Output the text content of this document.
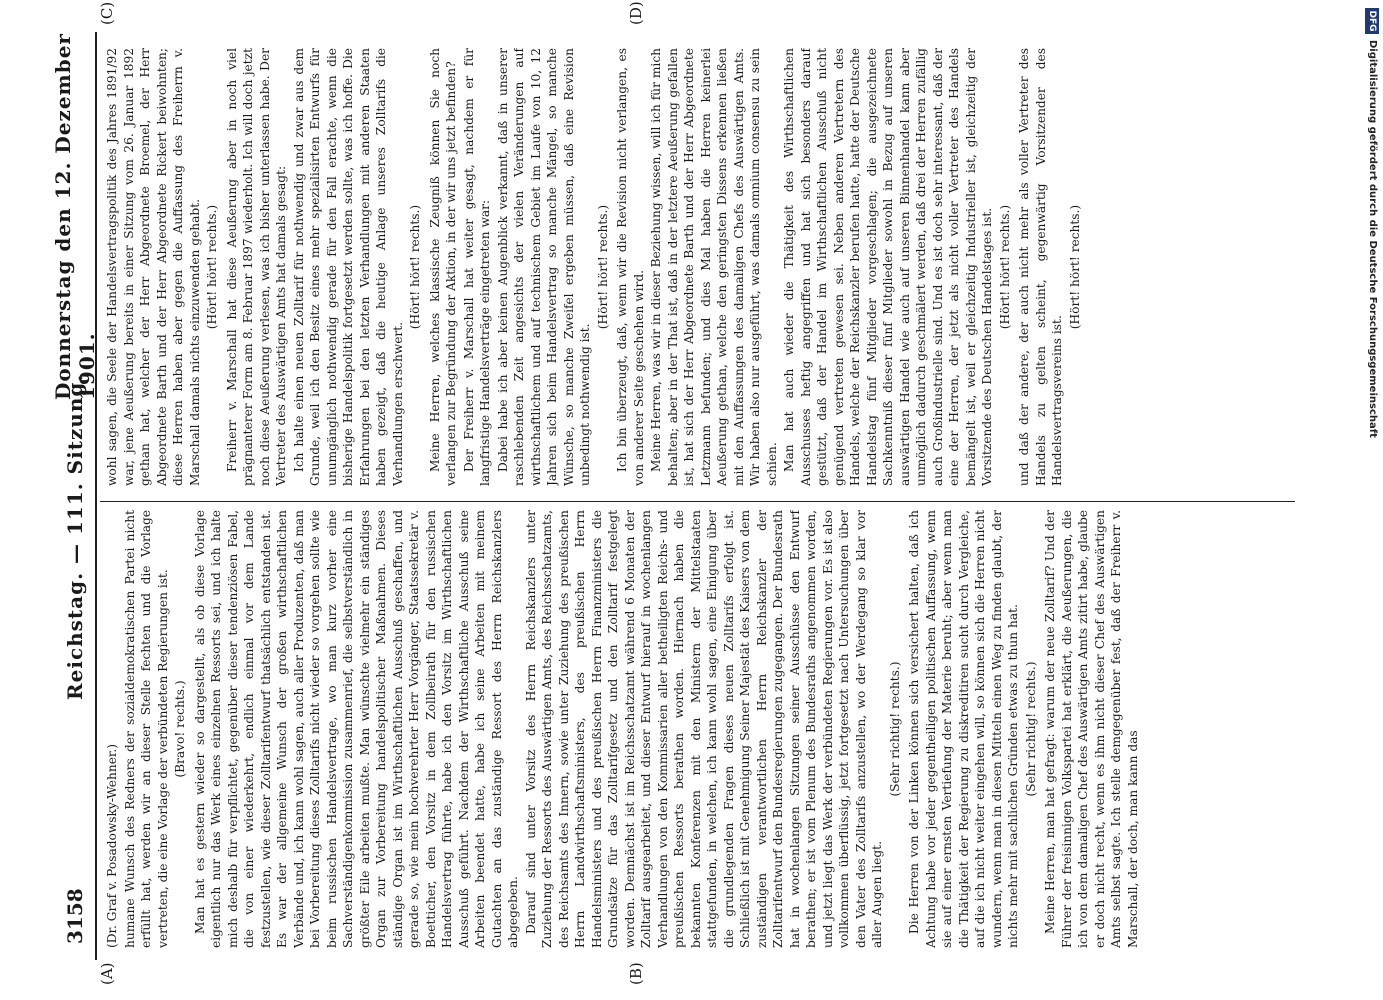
3158
Reichstag. — 111. Sitzung.
Donnerstag den 12. Dezember 1901.
(A)	(B)
(C)	(D)

(Dr. Graf v. Posadowsky-Wehner.) humane Wunsch des Redners der sozialdemokratischen Partei nicht erfüllt hat, werden wir an dieser Stelle fechten und die Vorlage vertreten, die eine Vorlage der verbündeten Regierungen ist. (Bravo! rechts.) Man hat es gestern wieder so dargestellt, als ob diese Vorlage eigentlich nur das Werk eines einzelnen Ressorts sei, und ich halte mich deshalb für verpflichtet, gegenüber dieser tendenziösen Fabel, die von einer wiederkehrt, endlich einmal vor dem Lande festzustellen, wie dieser Zolltarifentwurf thatsächlich entstanden ist. Es war der allgemeine Wunsch der großen wirthschaftlichen Verbände und, ich kann wohl sagen, auch aller Produzenten, daß man bei Vorbereitung dieses Zolltarifs nicht wieder so vorgehen sollte wie beim russischen Handelsvertrage, wo man kurz vorher eine Sachverständigenkommission zusammenrief, die selbstverständlich in größter Eile arbeiten mußte. Man wünschte vielmehr ein ständiges Organ zur Vorbereitung handelspolitischer Maßnahmen. Dieses ständige Organ ist im Wirthschaftlichen Ausschuß geschaffen, und gerade so, wie mein hochverehrter Herr Vorgänger, Staatssekretär v. Boetticher, den Vorsitz in dem Zollbeirath für den russischen Handelsvertrag führte, habe ich den Vorsitz im Wirthschaftlichen Ausschuß geführt. Nachdem der Wirthschaftliche Ausschuß seine Arbeiten beendet hatte, habe ich seine Arbeiten mit meinem Gutachten an das zuständige Ressort des Herrn Reichskanzlers abgegeben. Darauf sind unter Vorsitz des Herrn Reichskanzlers unter Zuziehung der Ressorts des Auswärtigen Amts, des Reichsschatzamts, des Reichsamts des Innern, sowie unter Zuziehung des preußischen Herrn Landwirthschaftsministers, des preußischen Herrn Handelsministers und des preußischen Herrn Finanzministers die Grundsätze für das Zolltarifgesetz und den Zolltarif festgelegt worden. Demnächst ist im Reichsschatzamt während 6 Monaten der Zolltarif ausgearbeitet, und dieser Entwurf hierauf in wochenlangen Verhandlungen von den Kommissarien aller betheiligten Reichs- und preußischen Ressorts berathen worden. Hiernach haben die bekannten Konferenzen mit den Ministern der Mittelstaaten stattgefunden, in welchen, ich kann wohl sagen, eine Einigung über die grundlegenden Fragen dieses neuen Zolltarifs erfolgt ist. Schließlich ist mit Genehmigung Seiner Majestät des Kaisers von dem zuständigen verantwortlichen Herrn Reichskanzler der Zolltarifentwurf den Bundesregierungen zugegangen. Der Bundesrath hat in wochenlangen Sitzungen seiner Ausschüsse den Entwurf berathen; er ist vom Plenum des Bundesraths angenommen worden, und jetzt liegt das Werk der verbündeten Regierungen vor. Es ist also vollkommen überflüssig, jetzt fortgesetzt nach Untersuchungen über den Vater des Zolltarifs anzustellen, wo der Werdegang so klar vor aller Augen liegt.

(Sehr richtig! rechts.) Die Herren von der Linken können sich versichert halten, daß ich Achtung habe vor jeder gegentheiligen politischen Auffassung, wenn sie auf einer ernsten Vertiefung der Materie beruht; aber wenn man die Thätigkeit der Regierung zu diskreditiren sucht durch Vergleiche, auf die ich nicht weiter eingehen will, so können sich die Herren nicht wundern, wenn man in diesen Mitteln einen Weg zu finden glaubt, der nichts mehr mit sachlichen Gründen etwas zu thun hat. (Sehr richtig! rechts.) Meine Herren, man hat gefragt: warum der neue Zolltarif? Und der Führer der freisinnigen Volkspartei hat erklärt, die Aeußerungen, die ich von dem damaligen Chef des Auswärtigen Amts zitirt habe, glaube er doch nicht recht, wenn es ihm nicht dieser Chef des Auswärtigen Amts selbst sagte. Ich stelle demgegenüber fest, daß der Freiherr v. Marschall, der doch, man kann das

wohl sagen, die Seele der Handelsvertragspolitik des Jahres 1891/92 war, jene Aeußerung bereits in einer Sitzung vom 26. Januar 1892 gethan hat, welcher der Herr Abgeordnete Broemel, der Herr Abgeordnete Barth und der Herr Abgeordnete Rickert beiwohnten; diese Herren haben aber gegen die Auffassung des Freiherrn v. Marschall damals nichts einzuwenden gehabt. (Hört! hört! rechts.) Freiherr v. Marschall hat diese Aeußerung aber in noch viel prägnanterer Form am 8. Februar 1897 wiederholt. Ich will doch jetzt noch diese Aeußerung verlesen, was ich bisher unterlassen habe. Der Vertreter des Auswärtigen Amts hat damals gesagt: Ich halte einen neuen Zolltarif für nothwendig und zwar aus dem Grunde, weil ich den Besitz eines mehr spezialisirten Entwurfs für unumgänglich nothwendig gerade für den Fall erachte, wenn die bisherige Handelspolitik fortgesetzt werden sollte, was ich hoffe. Die Erfahrungen bei den letzten Verhandlungen mit anderen Staaten haben gezeigt, daß die heutige Anlage unseres Zolltarifs die Verhandlungen erschwert.

(Hört! hört! rechts.) Meine Herren, welches klassische Zeugniß können Sie noch verlangen zur Begründung der Aktion, in der wir uns jetzt befinden? Der Freiherr v. Marschall hat weiter gesagt, nachdem er für langfristige Handelsverträge eingetreten war: Dabei habe ich aber keinen Augenblick verkannt, daß in unserer raschlebenden Zeit angesichts der vielen Veränderungen auf wirthschaftlichem und auf technischem Gebiet im Laufe von 10, 12 Jahren sich beim Handelsvertrag so manche Mängel, so manche Wünsche, so manche Zweifel ergeben müssen, daß eine Revision unbedingt nothwendig ist.

(Hört! hört! rechts.) Ich bin überzeugt, daß, wenn wir die Revision nicht verlangen, es von anderer Seite geschehen wird. Meine Herren, was wir in dieser Beziehung wissen, will ich für mich behalten; aber in der That ist, daß in der letztere Aeußerung gefallen ist, hat sich der Herr Abgeordnete Barth und der Herr Abgeordnete Letzmann befunden; und dies Mal haben die Herren keinerlei Aeußerung gethan, welche den geringsten Dissens erkennen ließen mit den Auffassungen des damaligen Chefs des Auswärtigen Amts. Wir haben also nur ausgeführt, was damals omnium consensu zu sein schien. Man hat auch wieder die Thätigkeit des Wirthschaftlichen Ausschusses heftig angegriffen und hat sich besonders darauf gestützt, daß der Handel im Wirthschaftlichen Ausschuß nicht genügend vertreten gewesen sei. Neben anderen Vertretern des Handels, welche der Reichskanzler berufen hatte, hatte der Deutsche Handelstag fünf Mitglieder vorgeschlagen; die ausgezeichnete Sachkenntniß dieser fünf Mitglieder sowohl in Bezug auf unseren auswärtigen Handel wie auch auf unseren Binnenhandel kann aber unmöglich dadurch geschmälert werden, daß drei der Herren zufällig auch Großindustrielle sind. Und es ist doch sehr interessant, daß der eine der Herren, der jetzt als nicht voller Vertreter des Handels bemängelt ist, weil er gleichzeitig Industrieller ist, gleichzeitig der Vorsitzende des Deutschen Handelstages ist. (Hört! hört! rechts.) und daß der andere, der auch nicht mehr als voller Vertreter des Handels zu gelten scheint, gegenwärtig Vorsitzender des Handelsvertragsvereins ist.

(Hört! hört! rechts.)

DFG
Digitalisierung gefördert durch die Deutsche Forschungsgemeinschaft
